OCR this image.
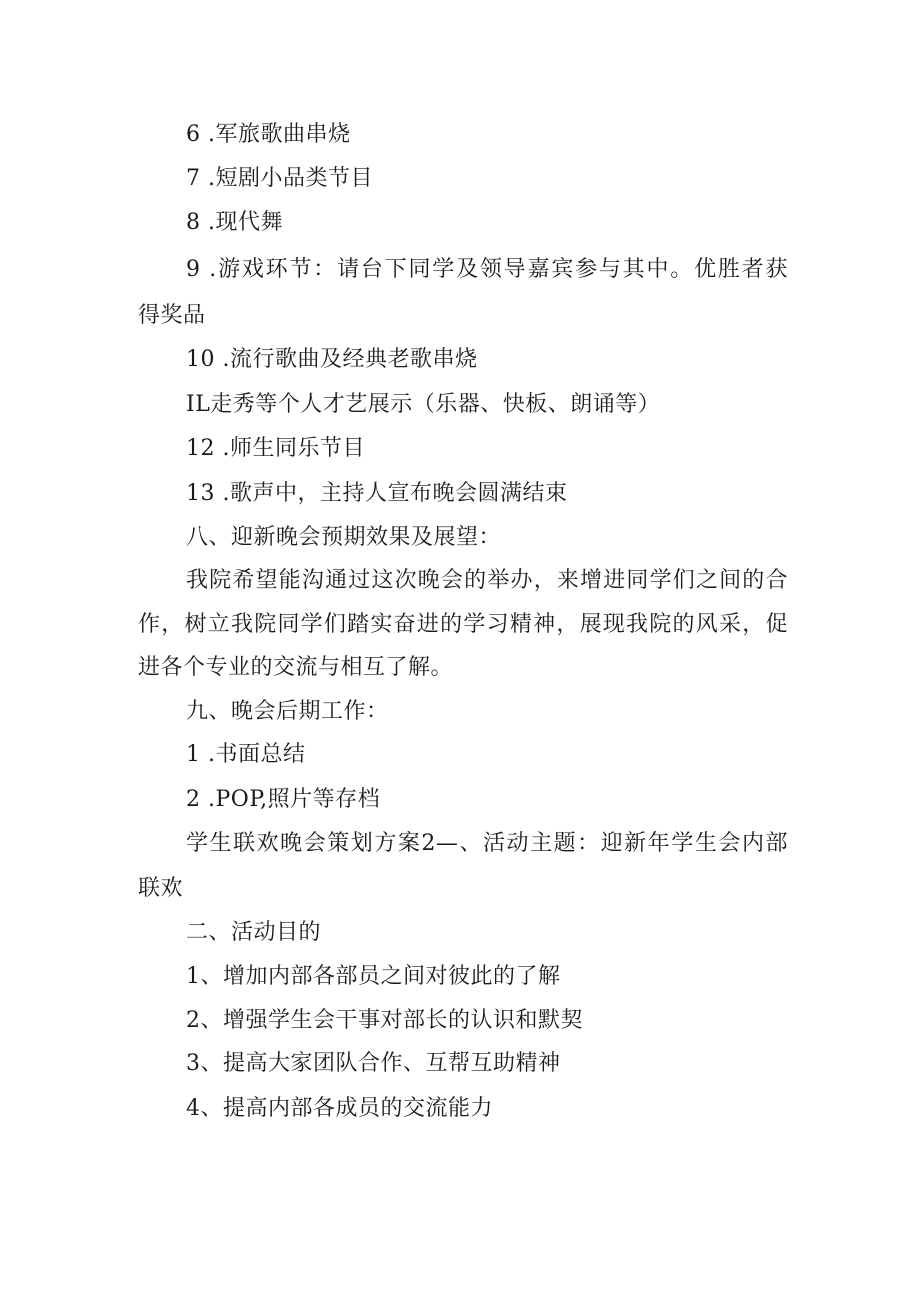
6 .军旅歌曲串烧
7 .短剧小品类节目
8 .现代舞
9 .游戏环节：请台下同学及领导嘉宾参与其中。优胜者获
得奖品
10 .流行歌曲及经典老歌串烧
IL走秀等个人才艺展示（乐器、快板、朗诵等）
12 .师生同乐节目
13 .歌声中，主持人宣布晚会圆满结束
八、迎新晚会预期效果及展望：
我院希望能沟通过这次晚会的举办，来增进同学们之间的合
作，树立我院同学们踏实奋进的学习精神，展现我院的风采，促
进各个专业的交流与相互了解。
九、晚会后期工作：
1 .书面总结
2 .POP,照片等存档
学生联欢晚会策划方案2—、活动主题：迎新年学生会内部
联欢
二、活动目的
1、增加内部各部员之间对彼此的了解
2、增强学生会干事对部长的认识和默契
3、提高大家团队合作、互帮互助精神
4、提高内部各成员的交流能力
